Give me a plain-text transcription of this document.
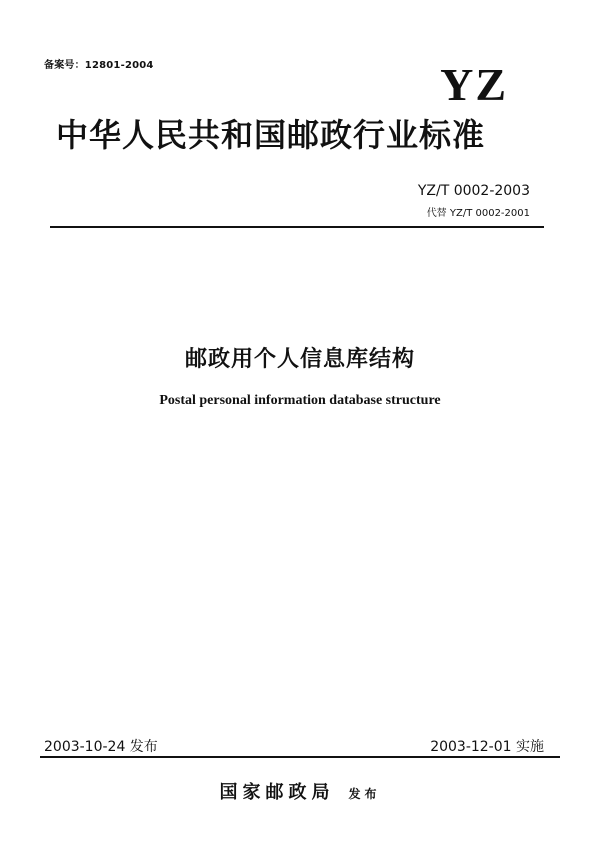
备案号：12801-2004	YZ
中华人民共和国邮政行业标准
YZ/T 0002-2003
代替 YZ/T 0002-2001
邮政用个人信息库结构
Postal personal information database structure
2003-10-24 发布	2003-12-01 实施
国家邮政局 发布
